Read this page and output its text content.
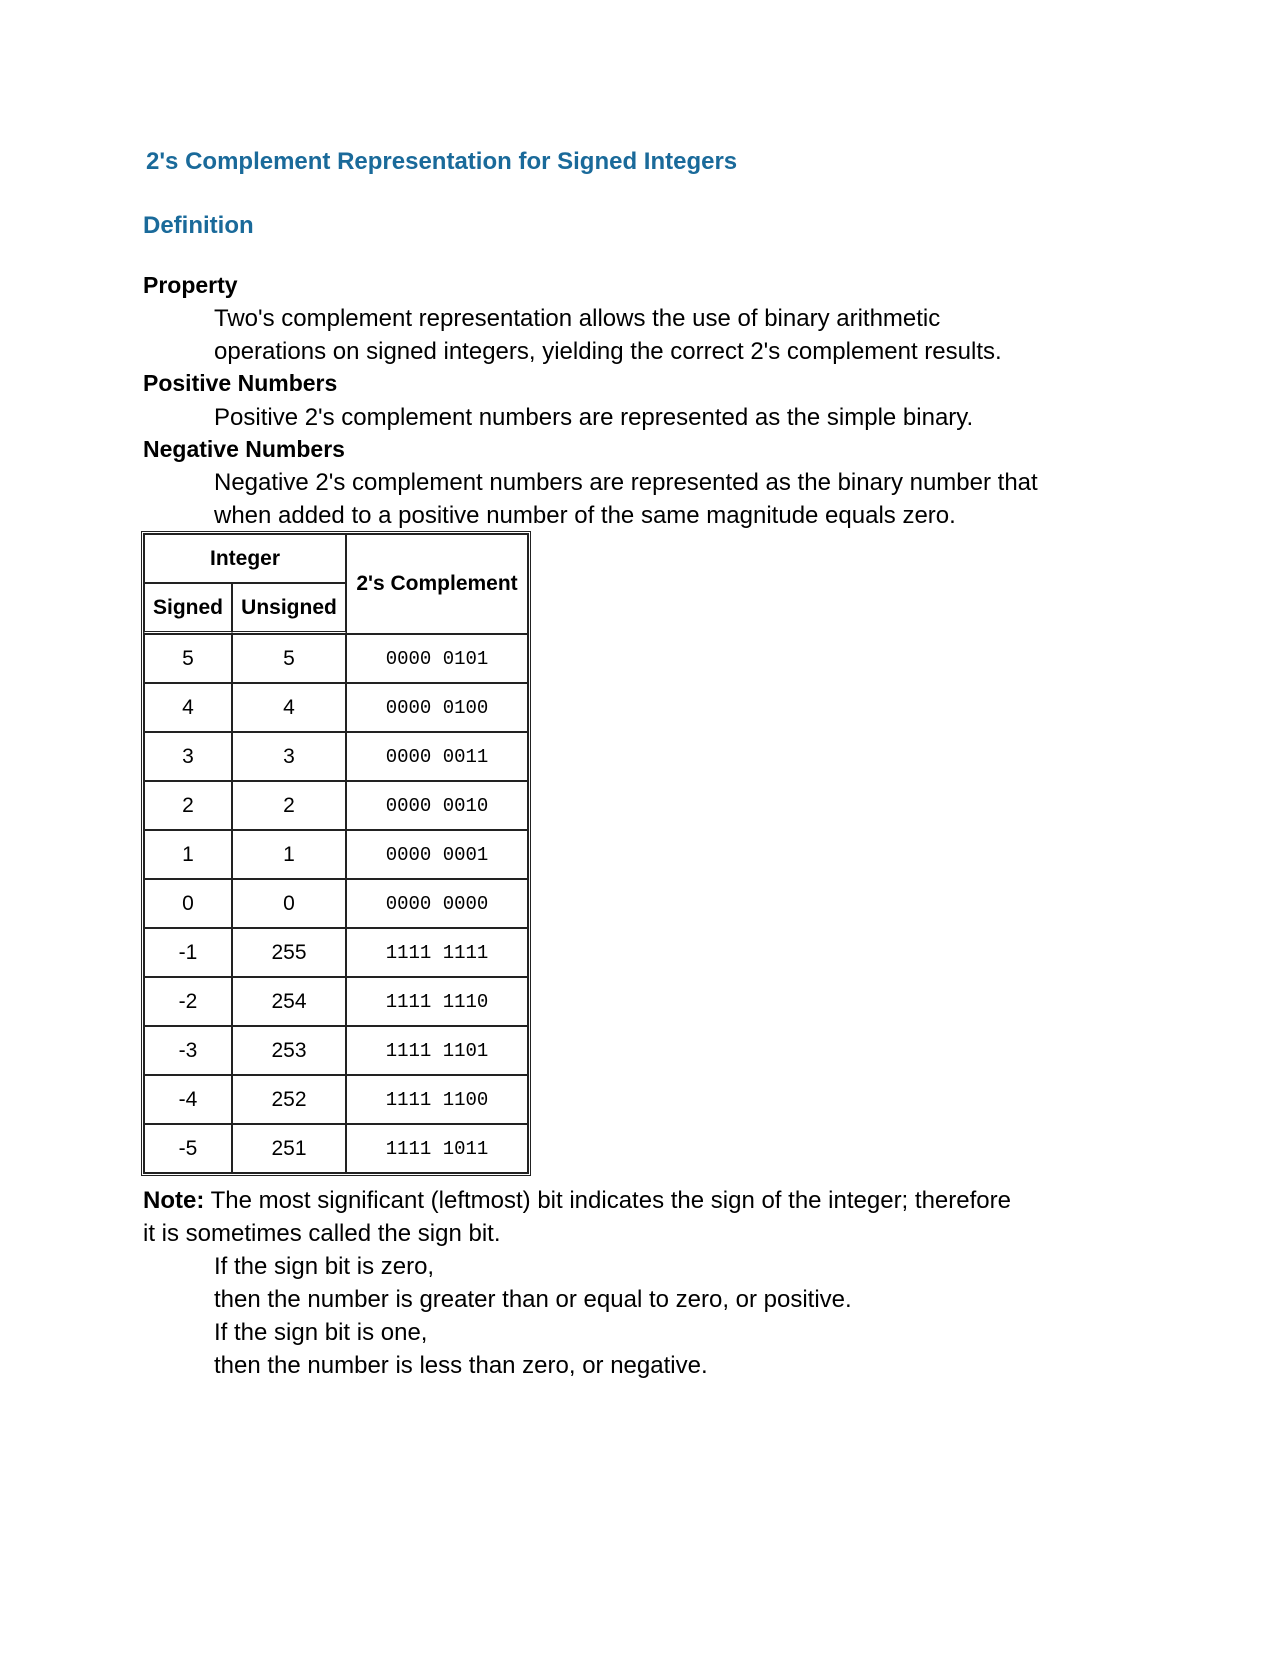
2's Complement Representation for Signed Integers
Definition
Property
Two's complement representation allows the use of binary arithmetic
operations on signed integers, yielding the correct 2's complement results.
Positive Numbers
Positive 2's complement numbers are represented as the simple binary.
Negative Numbers
Negative 2's complement numbers are represented as the binary number that
when added to a positive number of the same magnitude equals zero.
Integer		2's Complement
Signed	Unsigned	
5	5	0000 0101
4	4	0000 0100
3	3	0000 0011
2	2	0000 0010
1	1	0000 0001
0	0	0000 0000
-1	255	1111 1111
-2	254	1111 1110
-3	253	1111 1101
-4	252	1111 1100
-5	251	1111 1011
Note: The most significant (leftmost) bit indicates the sign of the integer; therefore
it is sometimes called the sign bit.
If the sign bit is zero,
then the number is greater than or equal to zero, or positive.
If the sign bit is one,
then the number is less than zero, or negative.
